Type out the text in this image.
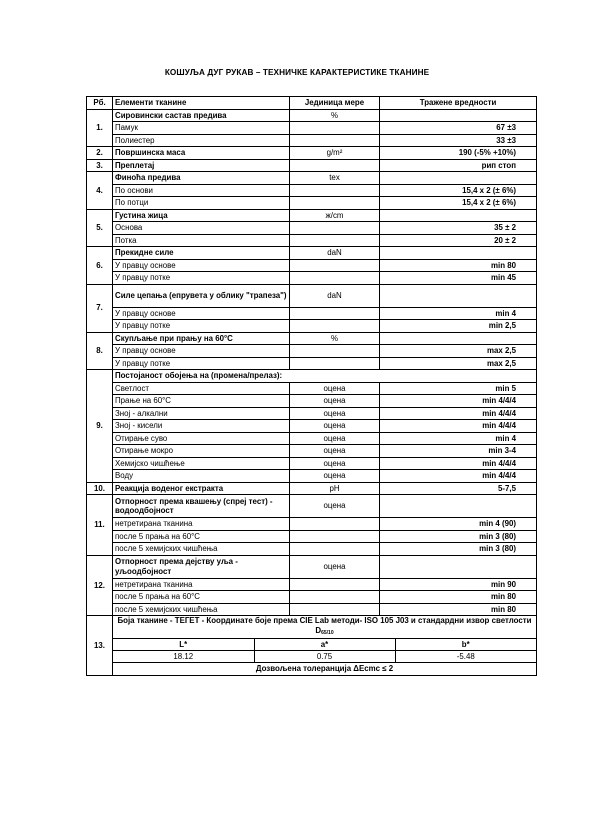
КОШУЉА ДУГ РУКАВ – ТЕХНИЧКЕ КАРАКТЕРИСТИКЕ ТКАНИНЕ
Рб.	Елементи тканине	Јединица мере	Тражене вредности
1.	Сировински састав предива	%	
Памук		67 ±3
Полиестер		33 ±3
2.	Површинска маса	g/m²	190 (-5% +10%)
3.	Преплетај		рип стоп
4.	Финоћа предива	tex	
По основи		15,4 x 2 (± 6%)
По потци		15,4 x 2 (± 6%)
5.	Густина жица	ж/cm	
Основа		35 ± 2
Потка		20 ± 2
6.	Прекидне силе	daN	
У правцу основе		min 80
У правцу потке		min 45
7.	Силе цепања (епрувета у облику "трапеза")	daN	
У правцу основе		min 4
У правцу потке		min 2,5
8.	Скупљање при прању на 60°C	%	
У правцу основе		max 2,5
У правцу потке		max 2,5
9.	Постојаност обојења на (промена/прелаз):
Светлост	оцена	min 5
Прање на 60°C	оцена	min 4/4/4
Зној - алкални	оцена	min 4/4/4
Зној - кисели	оцена	min 4/4/4
Отирање суво	оцена	min 4
Отирање мокро	оцена	min 3-4
Хемијско чишћење	оцена	min 4/4/4
Воду	оцена	min 4/4/4
10.	Реакција воденог екстракта	pH	5-7,5
11.	Отпорност према квашењу (спреј тест) - водоодбојност	оцена	
нетретирана тканина		min 4 (90)
после 5 прања на 60°C		min 3 (80)
после 5 хемијских чишћења		min 3 (80)
12.	Отпорност према дејству уља - уљоодбојност	оцена	
нетретирана тканина		min 90
после 5 прања на 60°C		min 80
после 5 хемијских чишћења		min 80
13.	Боја тканине - ТЕГЕТ - Координате боје према CIE Lab методи- ISO 105 J03 и стандардни извор светлости $D_{65/10}$

L*	a*	b*
18.12	0.75	-5.48

Дозвољена толеранција ΔEcmc ≤ 2
